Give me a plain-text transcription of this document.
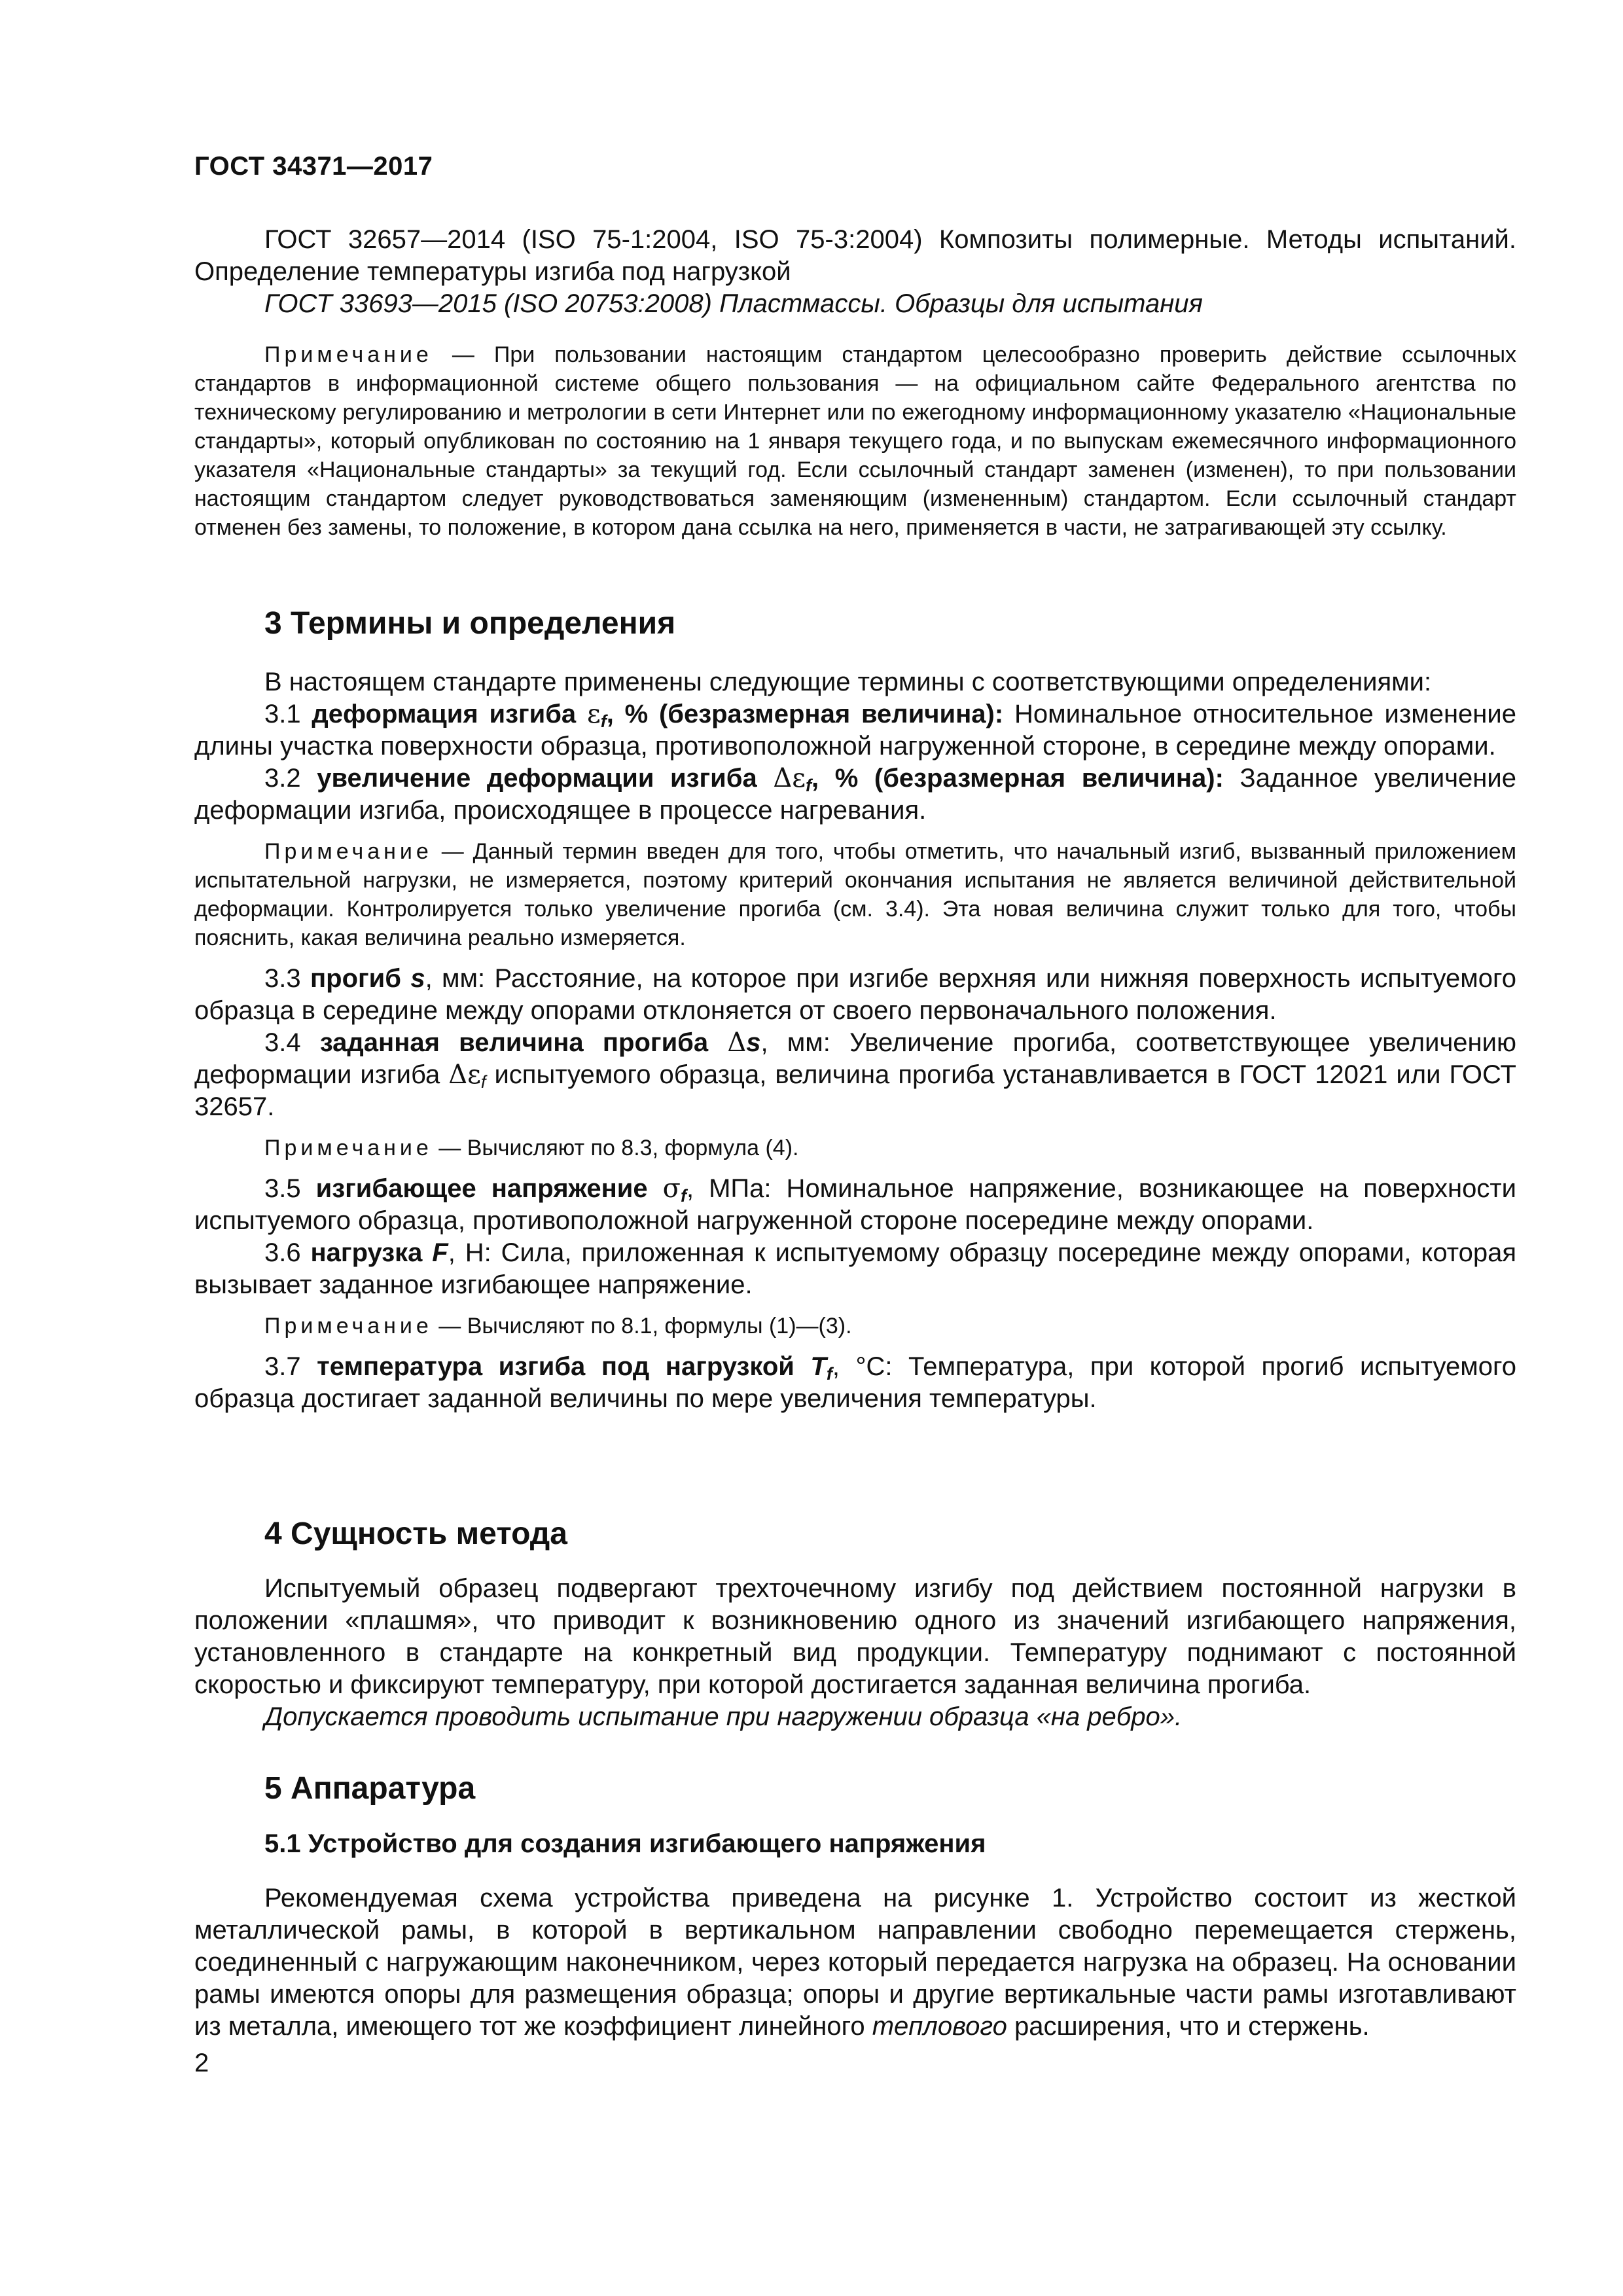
ГОСТ 34371—2017

ГОСТ 32657—2014 (ISO 75-1:2004, ISO 75-3:2004) Композиты полимерные. Методы испытаний. Определение температуры изгиба под нагрузкой

ГОСТ 33693—2015 (ISO 20753:2008) Пластмассы. Образцы для испытания

Примечание — При пользовании настоящим стандартом целесообразно проверить действие ссылочных стандартов в информационной системе общего пользования — на официальном сайте Федерального агентства по техническому регулированию и метрологии в сети Интернет или по ежегодному информационному указателю «Национальные стандарты», который опубликован по состоянию на 1 января текущего года, и по выпускам ежемесячного информационного указателя «Национальные стандарты» за текущий год. Если ссылочный стандарт заменен (изменен), то при пользовании настоящим стандартом следует руководствоваться заменяющим (измененным) стандартом. Если ссылочный стандарт отменен без замены, то положение, в котором дана ссылка на него, применяется в части, не затрагивающей эту ссылку.

3 Термины и определения

В настоящем стандарте применены следующие термины с соответствующими определениями:

3.1 деформация изгиба $\varepsilon_f$, % (безразмерная величина): Номинальное относительное изменение длины участка поверхности образца, противоположной нагруженной стороне, в середине между опорами.

3.2 увеличение деформации изгиба $\Delta\varepsilon_f$, % (безразмерная величина): Заданное увеличение деформации изгиба, происходящее в процессе нагревания.

Примечание — Данный термин введен для того, чтобы отметить, что начальный изгиб, вызванный приложением испытательной нагрузки, не измеряется, поэтому критерий окончания испытания не является величиной действительной деформации. Контролируется только увеличение прогиба (см. 3.4). Эта новая величина служит только для того, чтобы пояснить, какая величина реально измеряется.

3.3 прогиб s, мм: Расстояние, на которое при изгибе верхняя или нижняя поверхность испытуемого образца в середине между опорами отклоняется от своего первоначального положения.

3.4 заданная величина прогиба Δs, мм: Увеличение прогиба, соответствующее увеличению деформации изгиба $\Delta\varepsilon_f$ испытуемого образца, величина прогиба устанавливается в ГОСТ 12021 или ГОСТ 32657.

Примечание — Вычисляют по 8.3, формула (4).

3.5 изгибающее напряжение $\sigma_f$, МПа: Номинальное напряжение, возникающее на поверхности испытуемого образца, противоположной нагруженной стороне посередине между опорами.

3.6 нагрузка F, Н: Сила, приложенная к испытуемому образцу посередине между опорами, которая вызывает заданное изгибающее напряжение.

Примечание — Вычисляют по 8.1, формулы (1)—(3).

3.7 температура изгиба под нагрузкой $T_f$, °С: Температура, при которой прогиб испытуемого образца достигает заданной величины по мере увеличения температуры.

4 Сущность метода

Испытуемый образец подвергают трехточечному изгибу под действием постоянной нагрузки в положении «плашмя», что приводит к возникновению одного из значений изгибающего напряжения, установленного в стандарте на конкретный вид продукции. Температуру поднимают с постоянной скоростью и фиксируют температуру, при которой достигается заданная величина прогиба.

Допускается проводить испытание при нагружении образца «на ребро».

5 Аппаратура
5.1 Устройство для создания изгибающего напряжения

Рекомендуемая схема устройства приведена на рисунке 1. Устройство состоит из жесткой металлической рамы, в которой в вертикальном направлении свободно перемещается стержень, соединенный с нагружающим наконечником, через который передается нагрузка на образец. На основании рамы имеются опоры для размещения образца; опоры и другие вертикальные части рамы изготавливают из металла, имеющего тот же коэффициент линейного теплового расширения, что и стержень.

2
